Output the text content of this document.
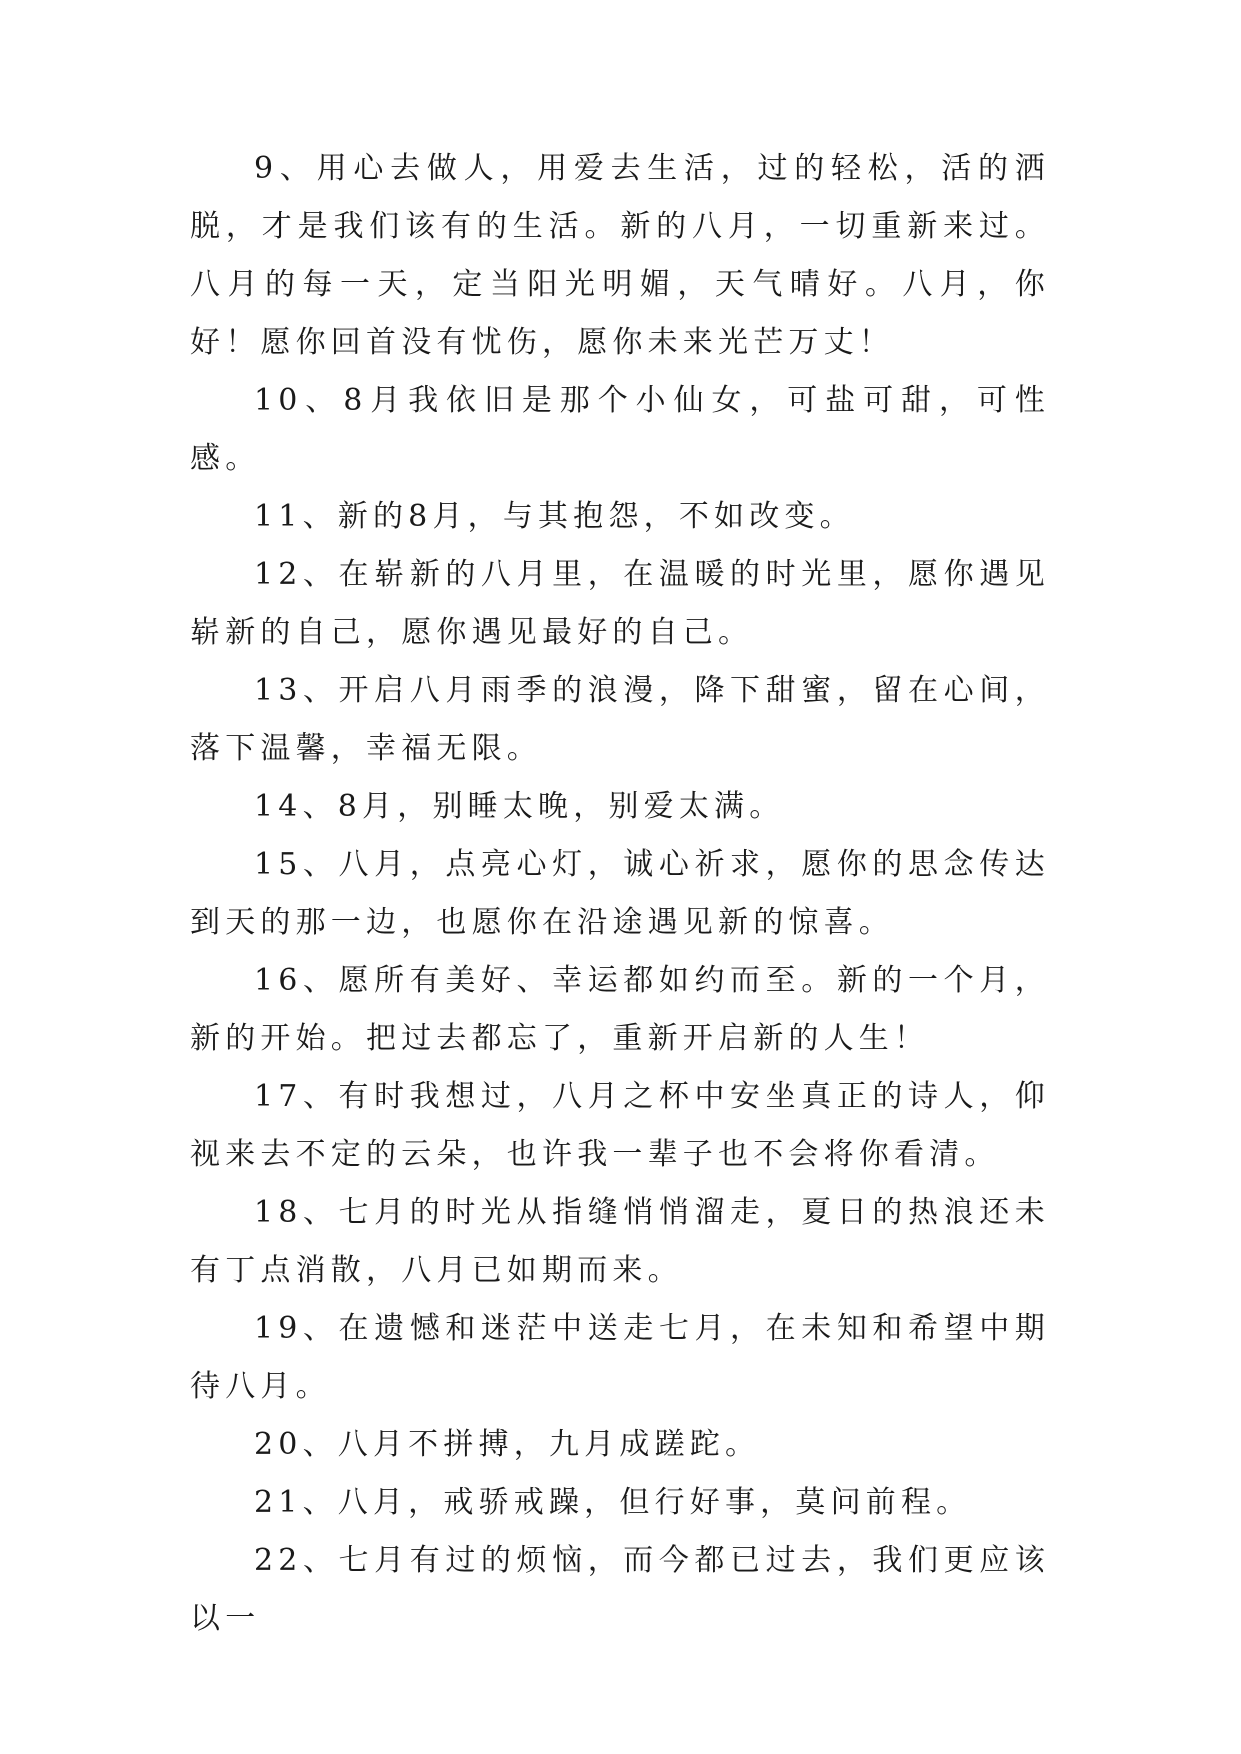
9、用心去做人，用爱去生活，过的轻松，活的洒脱，才是我们该有的生活。新的八月，一切重新来过。八月的每一天，定当阳光明媚，天气晴好。八月，你好！愿你回首没有忧伤，愿你未来光芒万丈！

10、8月我依旧是那个小仙女，可盐可甜，可性感。

11、新的8月，与其抱怨，不如改变。

12、在崭新的八月里，在温暖的时光里，愿你遇见崭新的自己，愿你遇见最好的自己。

13、开启八月雨季的浪漫，降下甜蜜，留在心间，落下温馨，幸福无限。

14、8月，别睡太晚，别爱太满。

15、八月，点亮心灯，诚心祈求，愿你的思念传达到天的那一边，也愿你在沿途遇见新的惊喜。

16、愿所有美好、幸运都如约而至。新的一个月，新的开始。把过去都忘了，重新开启新的人生！

17、有时我想过，八月之杯中安坐真正的诗人，仰视来去不定的云朵，也许我一辈子也不会将你看清。

18、七月的时光从指缝悄悄溜走，夏日的热浪还未有丁点消散，八月已如期而来。

19、在遗憾和迷茫中送走七月，在未知和希望中期待八月。

20、八月不拼搏，九月成蹉跎。

21、八月，戒骄戒躁，但行好事，莫问前程。

22、七月有过的烦恼，而今都已过去，我们更应该以一
